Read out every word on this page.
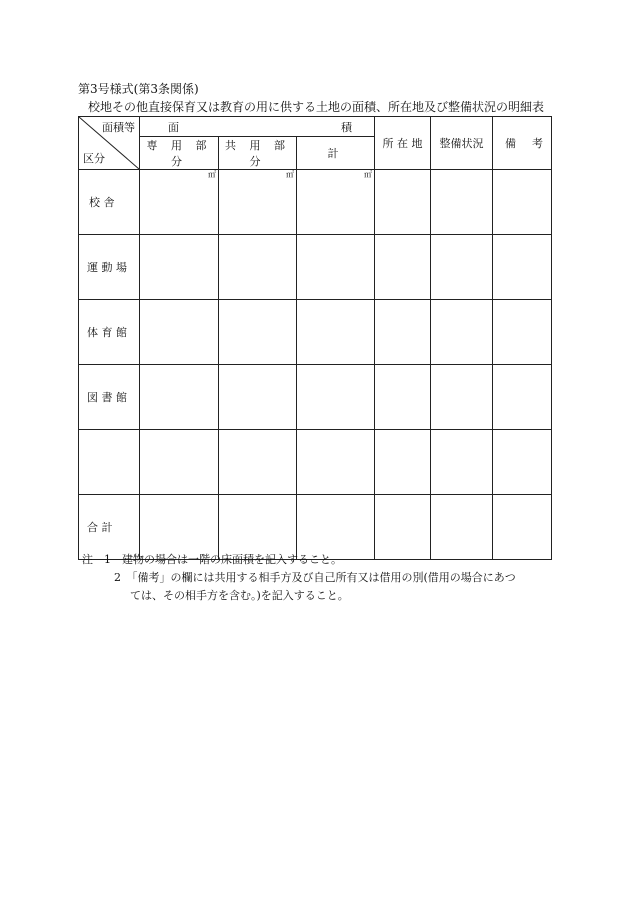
第3号様式(第3条関係)
校地その他直接保育又は教育の用に供する土地の面積、所在地及び整備状況の明細表
面積等
区分	面 積			所 在 地	整備状況	備 考

	専 用 部 分	共 用 部 分	計			

校 舎	㎡	㎡	㎡			

運 動 場						
体 育 館						
図 書 館						

合 計						
注　1　建物の場合は一階の床面積を記入すること。
2　「備考」の欄には共用する相手方及び自己所有又は借用の別(借用の場合にあつ
ては、その相手方を含む。)を記入すること。
